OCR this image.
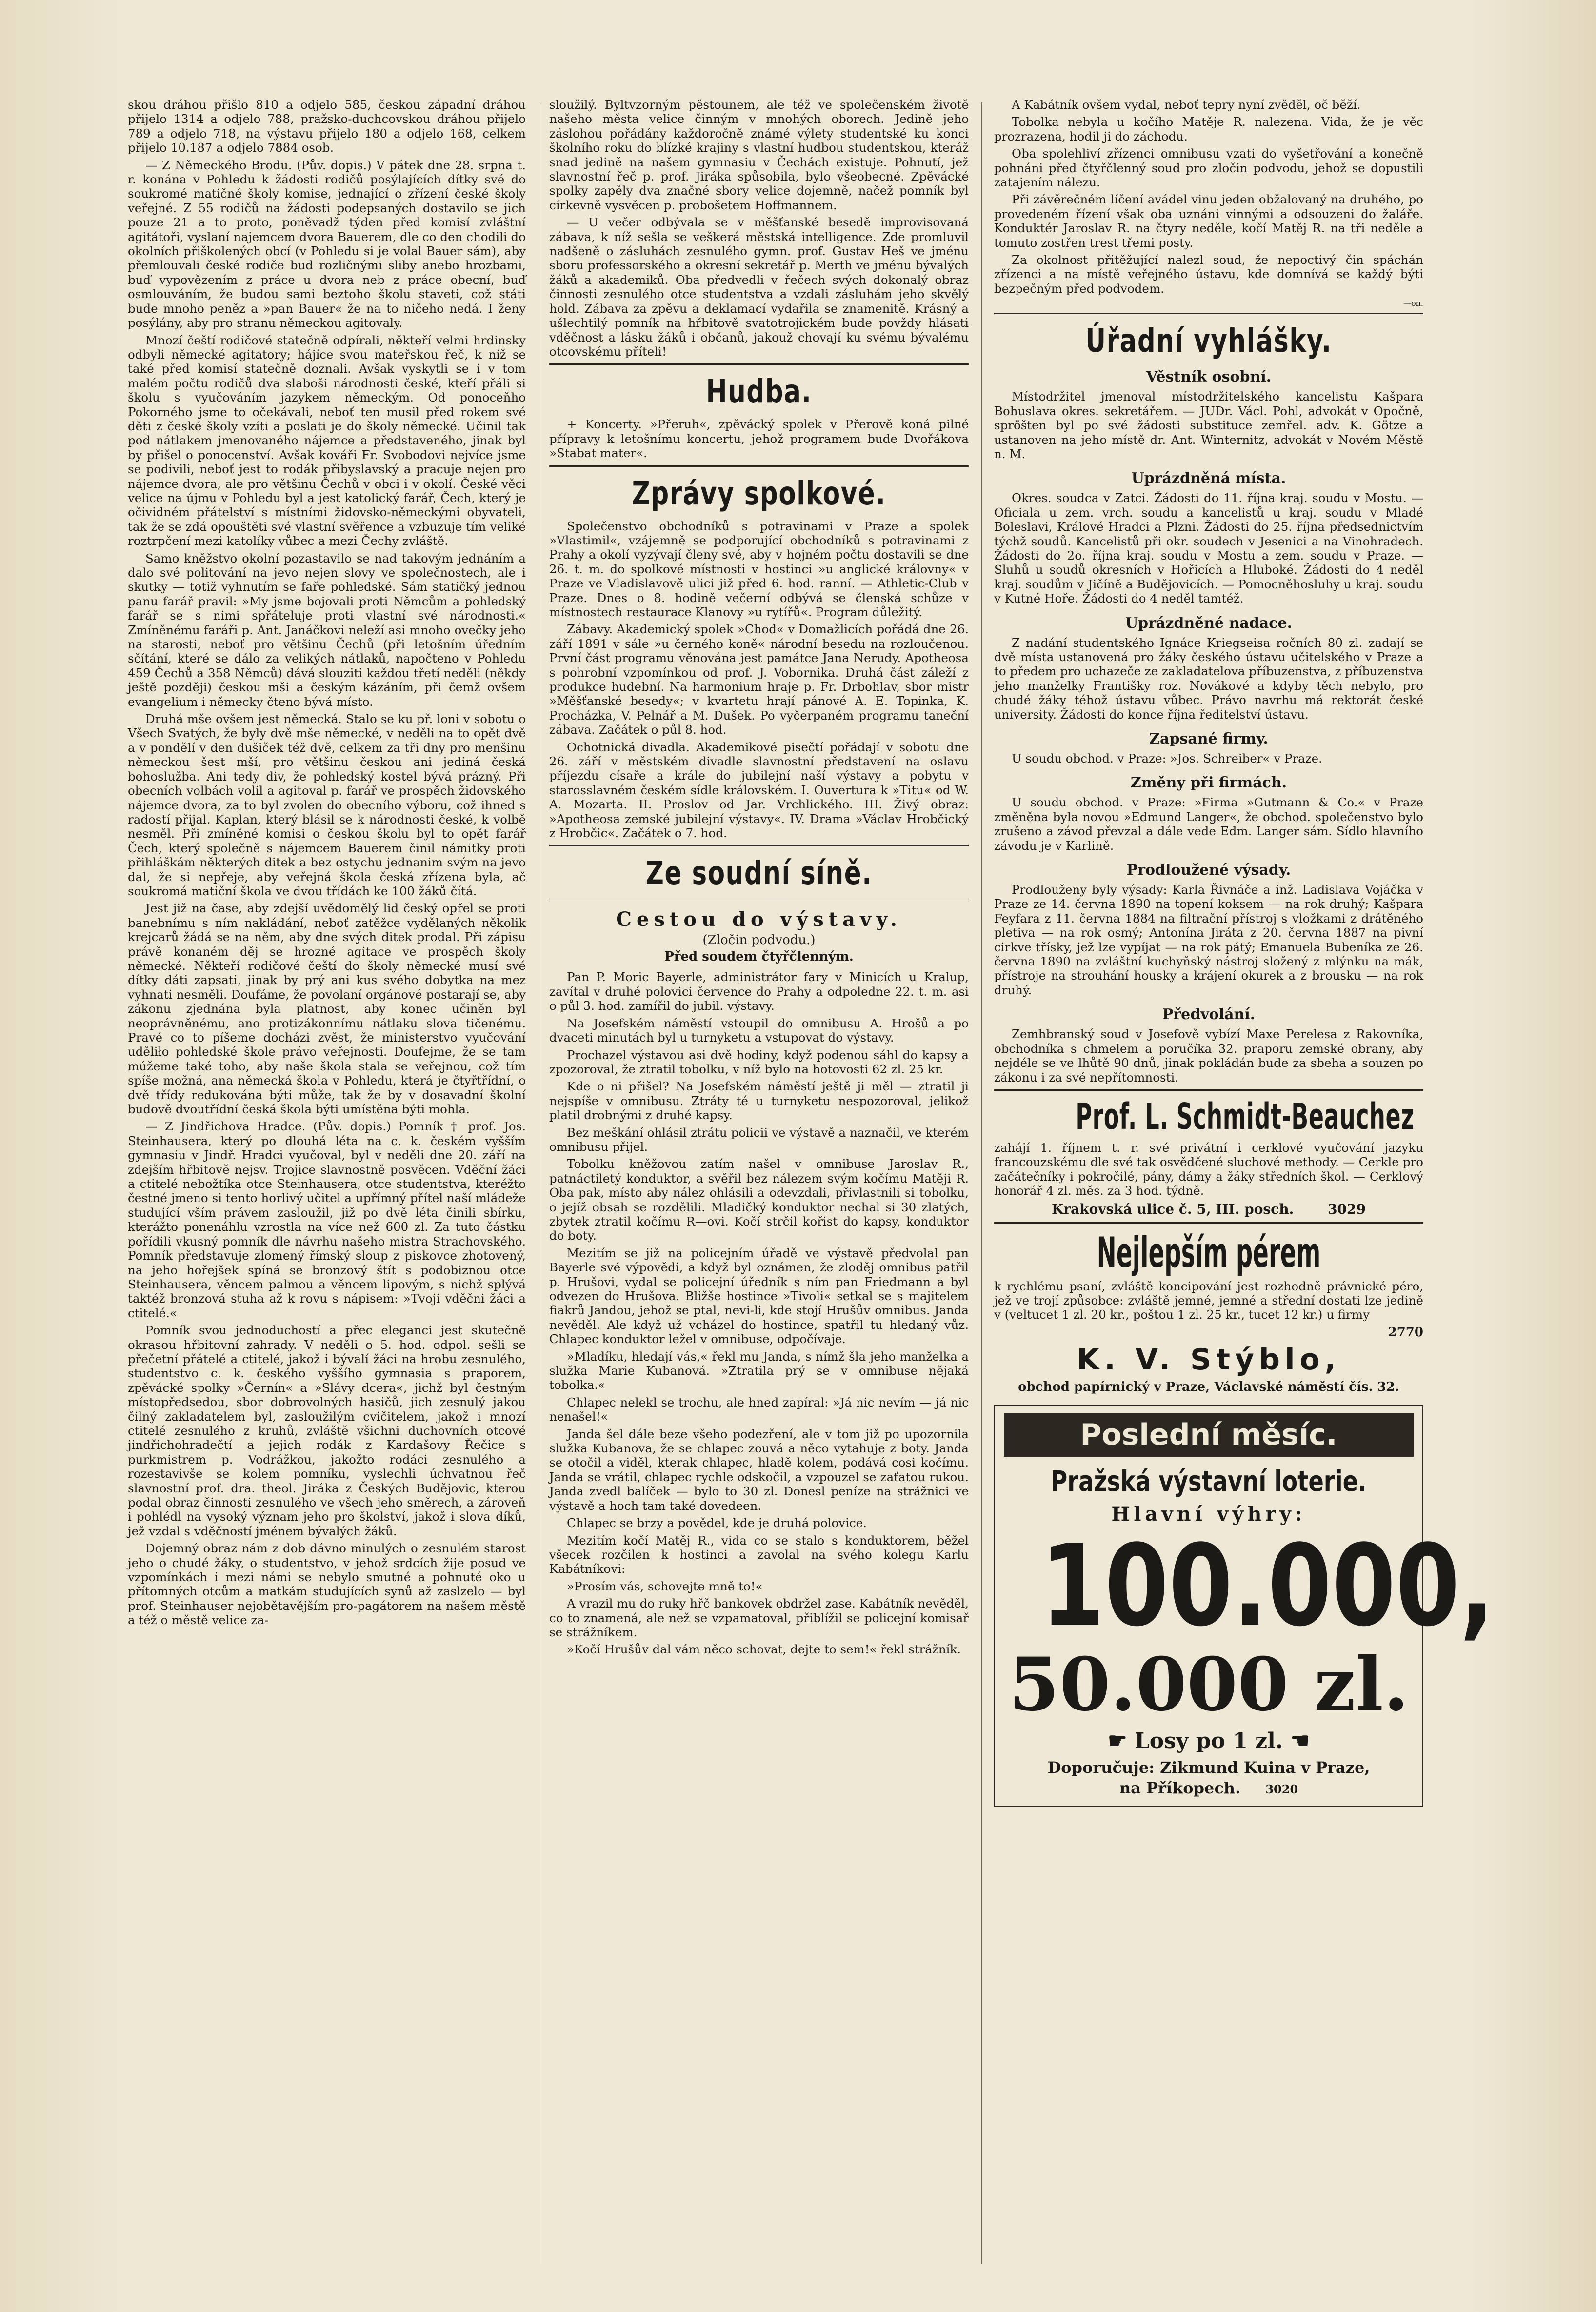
skou dráhou přišlo 810 a odjelo 585, českou západní dráhou přijelo 1314 a odjelo 788, pražsko-duchcovskou dráhou přijelo 789 a odjelo 718, na výstavu přijelo 180 a odjelo 168, celkem přijelo 10.187 a odjelo 7884 osob.

— Z Německého Brodu. (Pův. dopis.) V pátek dne 28. srpna t. r. konána v Pohledu k žádosti rodičů posýlajících dítky své do soukromé matičné školy komise, jednající o zřízení české školy veřejné. Z 55 rodičů na žádosti podepsaných dostavilo se jich pouze 21 a to proto, poněvadž týden před komisí zvláštní agitátoři, vyslaní najemcem dvora Bauerem, dle co den chodili do okolních přiškolených obcí (v Pohledu si je volal Bauer sám), aby přemlouvali české rodiče bud rozličnými sliby anebo hrozbami, buď vypovězením z práce u dvora neb z práce obecní, buď osmlouváním, že budou sami beztoho školu staveti, což státi bude mnoho peněz a »pan Bauer« že na to ničeho nedá. I ženy posýlány, aby pro stranu německou agitovaly.

Mnozí čeští rodičové statečně odpírali, někteří velmi hrdinsky odbyli německé agitatory; hájíce svou mateřskou řeč, k níž se také před komisí statečně doznali. Avšak vyskytli se i v tom malém počtu rodičů dva slaboši národnosti české, kteří přáli si školu s vyučováním jazykem německým. Od ponoceňho Pokorného jsme to očekávali, neboť ten musil před rokem své děti z české školy vzíti a poslati je do školy německé. Učinil tak pod nátlakem jmenovaného nájemce a představeného, jinak byl by přišel o ponocenství. Avšak kováři Fr. Svobodovi nejvíce jsme se podivili, neboť jest to rodák přibyslavský a pracuje nejen pro nájemce dvora, ale pro většinu Čechů v obci i v okolí. České věci velice na újmu v Pohledu byl a jest katolický farář, Čech, který je očividném přátelství s místními židovsko-německými obyvateli, tak že se zdá opouštěti své vlastní svěřence a vzbuzuje tím veliké roztrpčení mezi katolíky vůbec a mezi Čechy zvláště.

Samo kněžstvo okolní pozastavilo se nad takovým jednáním a dalo své politování na jevo nejen slovy ve společnostech, ale i skutky — totiž vyhnutím se faře pohledské. Sám statičký jednou panu farář pravil: »My jsme bojovali proti Němcům a pohledský farář se s nimi spřáteluje proti vlastní své národnosti.« Zmíněnému faráři p. Ant. Janáčkovi neleží asi mnoho ovečky jeho na starosti, neboť pro většinu Čechů (při letošním úředním sčítání, které se dálo za velikých nátlaků, napočteno v Pohledu 459 Čechů a 358 Němců) dává slouziti každou třetí neděli (někdy ještě později) českou mši a českým kázáním, při čemž ovšem evangelium i německy čteno bývá místo.

Druhá mše ovšem jest německá. Stalo se ku př. loni v sobotu o Všech Svatých, že byly dvě mše německé, v neděli na to opět dvě a v pondělí v den dušiček též dvě, celkem za tři dny pro menšinu německou šest mší, pro většinu českou ani jediná česká bohoslužba. Ani tedy div, že pohledský kostel bývá prázný. Při obecních volbách volil a agitoval p. farář ve prospěch židovského nájemce dvora, za to byl zvolen do obecního výboru, což ihned s radostí přijal. Kaplan, který blásil se k národnosti české, k volbě nesměl. Při zmíněné komisi o českou školu byl to opět farář Čech, který společně s nájemcem Bauerem činil námitky proti přihláškám některých ditek a bez ostychu jednanim svým na jevo dal, že si nepřeje, aby veřejná škola česká zřízena byla, ač soukromá matiční škola ve dvou třídách ke 100 žáků čítá.

Jest již na čase, aby zdejší uvědomělý lid český opřel se proti banebnímu s ním nakládání, neboť zatěžce vydělaných několik krejcarů žádá se na něm, aby dne svých ditek prodal. Při zápisu právě konaném děj se hrozné agitace ve prospěch školy německé. Někteří rodičové čeští do školy německé musí své dítky dáti zapsati, jinak by prý ani kus svého dobytka na mez vyhnati nesměli. Doufáme, že povolaní orgánové postarají se, aby zákonu zjednána byla platnost, aby konec učiněn byl neoprávněnému, ano protizákonnímu nátlaku slova tičenému. Pravé co to píšeme docházi zvěst, že ministerstvo vyučování uděliło pohledské škole právo veřejnosti. Doufejme, že se tam múžeme také toho, aby naše škola stala se veřejnou, což tím spíše možná, ana německá škola v Pohledu, která je čtyřtřídní, o dvě třídy redukována býti může, tak že by v dosavadní školní budově dvoutřídní česká škola býti umístěna býti mohla.

— Z Jindřichova Hradce. (Pův. dopis.) Pomník † prof. Jos. Steinhausera, který po dlouhá léta na c. k. českém vyšším gymnasiu v Jindř. Hradci vyučoval, byl v neděli dne 20. září na zdejším hřbitově nejsv. Trojice slavnostně posvěcen. Vděční žáci a ctitelé nebožtíka otce Steinhausera, otce studentstva, kteréžto čestné jmeno si tento horlivý učitel a upřímný přítel naší mládeže studující vším právem zasloužil, již po dvě léta činili sbírku, kterážto ponenáhlu vzrostla na více než 600 zl. Za tuto částku pořídili vkusný pomník dle návrhu našeho mistra Strachovského. Pomník představuje zlomený římský sloup z piskovce zhotovený, na jeho hořejšek spíná se bronzový štít s podobiznou otce Steinhausera, věncem palmou a věncem lipovým, s nichž splývá taktéž bronzová stuha až k rovu s nápisem: »Tvoji vděčni žáci a ctitelé.«

Pomník svou jednoduchostí a přec eleganci jest skutečně okrasou hřbitovní zahrady. V neděli o 5. hod. odpol. sešli se přečetní přátelé a ctitelé, jakož i bývalí žáci na hrobu zesnulého, studentstvo c. k. českého vyššího gymnasia s praporem, zpěvácké spolky »Černín« a »Slávy dcera«, jichž byl čestným místopředsedou, sbor dobrovolných hasičů, jich zesnulý jakou čilný zakladatelem byl, zasloužilým cvičitelem, jakož i mnozí ctitelé zesnulého z kruhů, zvláště všichni duchovních otcové jindřichohradečtí a jejich rodák z Kardašovy Řečice s purkmistrem p. Vodrážkou, jakožto rodáci zesnulého a rozestavivše se kolem pomníku, vyslechli úchvatnou řeč slavnostní prof. dra. theol. Jiráka z Českých Budějovic, kterou podal obraz činnosti zesnulého ve všech jeho směrech, a zároveň i pohlédl na vysoký význam jeho pro školství, jakož i slova díků, jež vzdal s vděčností jménem bývalých žáků.

Dojemný obraz nám z dob dávno minulých o zesnulém starost jeho o chudé žáky, o studentstvo, v jehož srdcích žije posud ve vzpomínkách i mezi námi se nebylo smutné a pohnuté oko u přítomných otcům a matkám studujících synů až zaslzelo — byl prof. Steinhauser nejobětavějším pro-pagátorem na našem městě a též o městě velice za-

sloužilý. Byltvzorným pěstounem, ale též ve společenském životě našeho města velice činným v mnohých oborech. Jedině jeho záslohou pořádány každoročně známé výlety studentské ku konci školního roku do blízké krajiny s vlastní hudbou studentskou, kteráž snad jedině na našem gymnasiu v Čechách existuje. Pohnutí, jež slavnostní řeč p. prof. Jiráka spůsobila, bylo všeobecné. Zpěvácké spolky zapěly dva značné sbory velice dojemně, načež pomník byl církevně vysvěcen p. probošetem Hoffmannem.

— U večer odbývala se v měšťanské besedě improvisovaná zábava, k níž sešla se veškerá městská intelligence. Zde promluvil nadšeně o zásluhách zesnulého gymn. prof. Gustav Heš ve jménu sboru professorského a okresní sekretář p. Merth ve jménu bývalých žáků a akademiků. Oba předvedli v řečech svých dokonalý obraz činnosti zesnulého otce studentstva a vzdali zásluhám jeho skvělý hold. Zábava za zpěvu a deklamací vydařila se znamenitě. Krásný a ušlechtilý pomník na hřbitově svatotrojickém bude povždy hlásati vděčnost a lásku žáků i občanů, jakouž chovají ku svému bývalému otcovskému příteli!

Hudba.

+ Koncerty. »Přeruh«, zpěvácký spolek v Přerově koná pilné přípravy k letošnímu koncertu, jehož programem bude Dvořákova »Stabat mater«.

Zprávy spolkové.

Společenstvo obchodníků s potravinami v Praze a spolek »Vlastimil«, vzájemně se podporující obchodníků s potravinami z Prahy a okolí vyzývají členy své, aby v hojném počtu dostavili se dne 26. t. m. do spolkové místnosti v hostinci »u anglické královny« v Praze ve Vladislavově ulici již před 6. hod. ranní. — Athletic-Club v Praze. Dnes o 8. hodině večerní odbývá se členská schůze v místnostech restaurace Klanovy »u rytířů«. Program důležitý.

Zábavy. Akademický spolek »Chod« v Domažlicích pořádá dne 26. září 1891 v sále »u černého koně« národní besedu na rozloučenou. První část programu věnována jest památce Jana Nerudy. Apotheosa s pohrobní vzpomínkou od prof. J. Vobornika. Druhá část záleží z produkce hudební. Na harmonium hraje p. Fr. Drbohlav, sbor mistr »Měšťanské besedy«; v kvartetu hrají pánové A. E. Topinka, K. Procházka, V. Pelnář a M. Dušek. Po vyčerpaném programu taneční zábava. Začátek o půl 8. hod.

Ochotnická divadla. Akademikové pisečtí pořádají v sobotu dne 26. září v městském divadle slavnostní představení na oslavu příjezdu císaře a krále do jubilejní naší výstavy a pobytu v starosslavném českém sídle královském. I. Ouvertura k »Titu« od W. A. Mozarta. II. Proslov od Jar. Vrchlického. III. Živý obraz: »Apotheosa zemské jubilejní výstavy«. IV. Drama »Václav Hrobčický z Hrobčic«. Začátek o 7. hod.

Ze soudní síně.
Cestou do výstavy.
(Zločin podvodu.)
Před soudem čtyřčlenným.

Pan P. Moric Bayerle, administrátor fary v Minicích u Kralup, zavítal v druhé polovici července do Prahy a odpoledne 22. t. m. asi o půl 3. hod. zamířil do jubil. výstavy.

Na Josefském náměstí vstoupil do omnibusu A. Hrošů a po dvaceti minutách byl u turnyketu a vstupovat do výstavy.

Prochazel výstavou asi dvě hodiny, když podenou sáhl do kapsy a zpozoroval, že ztratil tobolku, v níž bylo na hotovosti 62 zl. 25 kr.

Kde o ni přišel? Na Josefském náměstí ještě ji měl — ztratil ji nejspíše v omnibusu. Ztráty té u turnyketu nespozoroval, jelikož platil drobnými z druhé kapsy.

Bez meškání ohlásil ztrátu policii ve výstavě a naznačil, ve kterém omnibusu přijel.

Tobolku kněžovou zatím našel v omnibuse Jaroslav R., patnáctiletý konduktor, a svěřil bez nálezem svým kočímu Matěji R. Oba pak, místo aby nález ohlásili a odevzdali, přivlastnili si tobolku, o jejíž obsah se rozdělili. Mladičký konduktor nechal si 30 zlatých, zbytek ztratil kočímu R—ovi. Kočí strčil kořist do kapsy, konduktor do boty.

Mezitím se již na policejním úřadě ve výstavě předvolal pan Bayerle své výpovědi, a když byl oznámen, že zloděj omnibus patřil p. Hrušovi, vydal se policejní úředník s ním pan Friedmann a byl odvezen do Hrušova. Bližše hostince »Tivoli« setkal se s majitelem fiakrů Jandou, jehož se ptal, nevi-li, kde stojí Hrušův omnibus. Janda nevěděl. Ale když už vcházel do hostince, spatřil tu hledaný vůz. Chlapec konduktor ležel v omnibuse, odpočívaje.

»Mladíku, hledají vás,« řekl mu Janda, s nímž šla jeho manželka a služka Marie Kubanová. »Ztratila prý se v omnibuse nějaká tobolka.«

Chlapec nelekl se trochu, ale hned zapíral: »Já nic nevím — já nic nenašel!«

Janda šel dále beze všeho podezření, ale v tom již po upozornila služka Kubanova, že se chlapec zouvá a něco vytahuje z boty. Janda se otočil a viděl, kterak chlapec, hladě kolem, podává cosi kočímu. Janda se vrátil, chlapec rychle odskočil, a vzpouzel se zaťatou rukou. Janda zvedl balíček — bylo to 30 zl. Donesl peníze na strážnici ve výstavě a hoch tam také dovedeen.

Chlapec se brzy a povědel, kde je druhá polovice.

Mezitím kočí Matěj R., vida co se stalo s konduktorem, běžel všecek rozčilen k hostinci a zavolal na svého kolegu Karlu Kabátníkovi:

»Prosím vás, schovejte mně to!«

A vrazil mu do ruky hřč bankovek obdržel zase. Kabátník nevěděl, co to znamená, ale než se vzpamatoval, přiblížil se policejní komisař se strážníkem.

»Kočí Hrušův dal vám něco schovat, dejte to sem!« řekl strážník.

A Kabátník ovšem vydal, neboť tepry nyní zvěděl, oč běží.

Tobolka nebyla u kočího Matěje R. nalezena. Vida, že je věc prozrazena, hodil ji do záchodu.

Oba spolehliví zřízenci omnibusu vzati do vyšetřování a konečně pohnáni před čtyřčlenný soud pro zločin podvodu, jehož se dopustili zatajením nálezu.

Při závěrečném líčení avádel vinu jeden obžalovaný na druhého, po provedeném řízení však oba uznáni vinnými a odsouzeni do žaláře. Konduktér Jaroslav R. na čtyry neděle, kočí Matěj R. na tři neděle a tomuto zostřen trest třemi posty.

Za okolnost přitěžující nalezl soud, že nepoctivý čin spáchán zřízenci a na místě veřejného ústavu, kde domnívá se každý býti bezpečným před podvodem.

—on.
Úřadní vyhlášky.
Věstník osobní.

Místodržitel jmenoval místodržitelského kancelistu Kašpara Bohuslava okres. sekretářem. — JUDr. Václ. Pohl, advokát v Opočně, spröšten byl po své žádosti substituce zemřel. adv. K. Götze a ustanoven na jeho místě dr. Ant. Winternitz, advokát v Novém Městě n. M.

Uprázdněná místa.

Okres. soudca v Zatci. Žádosti do 11. října kraj. soudu v Mostu. — Oficiala u zem. vrch. soudu a kancelistů u kraj. soudu v Mladé Boleslavi, Králové Hradci a Plzni. Žádosti do 25. října předsednictvím týchž soudů. Kancelistů při okr. soudech v Jesenici a na Vinohradech. Žádosti do 2o. října kraj. soudu v Mostu a zem. soudu v Praze. — Sluhů u soudů okresních v Hořicích a Hluboké. Žádosti do 4 neděl kraj. soudům v Jičíně a Budějovicích. — Pomocněhosluhy u kraj. soudu v Kutné Hoře. Žádosti do 4 neděl tamtéž.

Uprázdněné nadace.

Z nadání studentského Ignáce Kriegseisa ročních 80 zl. zadají se dvě místa ustanovená pro žáky českého ústavu učitelského v Praze a to předem pro uchazeče ze zakladatelova příbuzenstva, z příbuzenstva jeho manželky Františky roz. Novákové a kdyby těch nebylo, pro chudé žáky téhož ústavu vůbec. Právo navrhu má rektorát české university. Žádosti do konce října ředitelství ústavu.

Zapsané firmy.

U soudu obchod. v Praze: »Jos. Schreiber« v Praze.

Změny při firmách.

U soudu obchod. v Praze: »Firma »Gutmann & Co.« v Praze změněna byla novou »Edmund Langer«, že obchod. společenstvo bylo zrušeno a závod převzal a dále vede Edm. Langer sám. Sídlo hlavního závodu je v Karlině.

Prodloužené výsady.

Prodlouženy byly výsady: Karla Řivnáče a inž. Ladislava Vojáčka v Praze ze 14. června 1890 na topení koksem — na rok druhý; Kašpara Feyfara z 11. června 1884 na filtrační přístroj s vložkami z drátěného pletiva — na rok osmý; Antonína Jiráta z 20. června 1887 na pivní cirkve třísky, jež lze vypíjat — na rok pátý; Emanuela Bubeníka ze 26. června 1890 na zvláštní kuchyňský nástroj složený z mlýnku na mák, přístroje na strouhání housky a krájení okurek a z brousku — na rok druhý.

Předvolání.

Zemhbranský soud v Josefově vybízí Maxe Perelesa z Rakovníka, obchodníka s chmelem a poručíka 32. praporu zemské obrany, aby nejdéle se ve lhůtě 90 dnů, jinak pokládán bude za sbeha a souzen po zákonu i za své nepřítomnosti.

Prof. L. Schmidt-Beauchez

zahájí 1. říjnem t. r. své privátní i cerklové vyučování jazyku francouzskému dle své tak osvědčené sluchové methody. — Cerkle pro začátečníky i pokročilé, pány, dámy a žáky středních škol. — Cerklový honorář 4 zl. měs. za 3 hod. týdně.

Krakovská ulice č. 5, III. posch. 3029
Nejlepším pérem

k rychlému psaní, zvláště koncipování jest rozhodně právnické péro, jež ve trojí způsobce: zvláště jemné, jemné a střední dostati lze jedině v (veltucet 1 zl. 20 kr., poštou 1 zl. 25 kr., tucet 12 kr.) u firmy

2770
K. V. Stýblo,
obchod papírnický v Praze, Václavské náměstí čís. 32.
Poslední měsíc.
Pražská výstavní loterie.
Hlavní výhry:
100.000,
50.000 zl.
☛ Losy po 1 zl. ☚
Doporučuje: Zikmund Kuina v Praze,
na Příkopech. 3020
